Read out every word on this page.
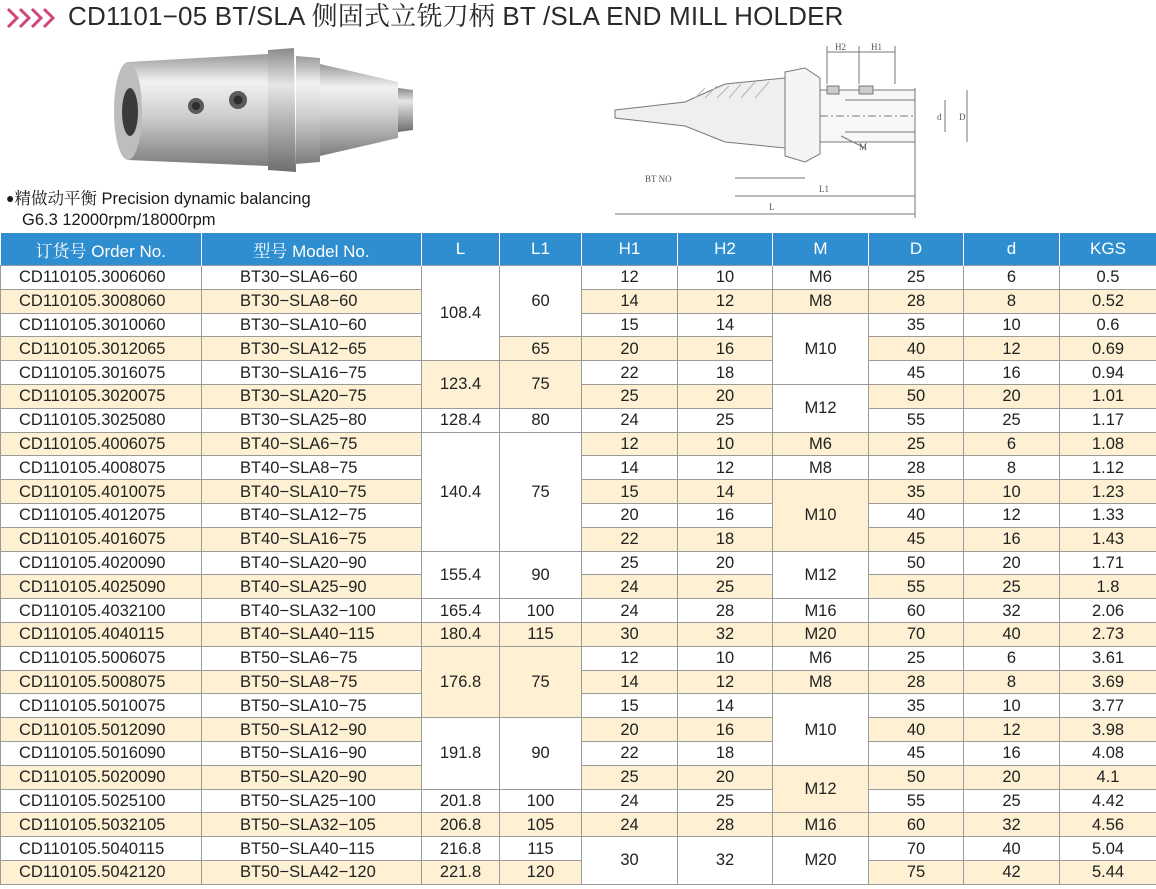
CD1101−05 BT/SLA 侧固式立铣刀柄 BT /SLA END MILL HOLDER
●精做动平衡 Precision dynamic balancing
G6.3 12000rpm/18000rpm
H2	H1
M
BT NO
L1
L
d D
订货号 Order No.	型号 Model No.	L	L1	H1	H2	M	D	d	KGS
CD110105.3006060	BT30−SLA6−60	108.4	60	12	10	M6	25	6	0.5
CD110105.3008060	BT30−SLA8−60			14	12	M8	28	8	0.52
CD110105.3010060	BT30−SLA10−60			15	14	M10	35	10	0.6
CD110105.3012065	BT30−SLA12−65		65	20	16		40	12	0.69
CD110105.3016075	BT30−SLA16−75	123.4	75	22	18		45	16	0.94
CD110105.3020075	BT30−SLA20−75			25	20	M12	50	20	1.01
CD110105.3025080	BT30−SLA25−80	128.4	80	24	25		55	25	1.17
CD110105.4006075	BT40−SLA6−75	140.4	75	12	10	M6	25	6	1.08
CD110105.4008075	BT40−SLA8−75			14	12	M8	28	8	1.12
CD110105.4010075	BT40−SLA10−75			15	14	M10	35	10	1.23
CD110105.4012075	BT40−SLA12−75			20	16		40	12	1.33
CD110105.4016075	BT40−SLA16−75			22	18		45	16	1.43
CD110105.4020090	BT40−SLA20−90	155.4	90	25	20	M12	50	20	1.71
CD110105.4025090	BT40−SLA25−90			24	25		55	25	1.8
CD110105.4032100	BT40−SLA32−100	165.4	100	24	28	M16	60	32	2.06
CD110105.4040115	BT40−SLA40−115	180.4	115	30	32	M20	70	40	2.73
CD110105.5006075	BT50−SLA6−75	176.8	75	12	10	M6	25	6	3.61
CD110105.5008075	BT50−SLA8−75			14	12	M8	28	8	3.69
CD110105.5010075	BT50−SLA10−75			15	14	M10	35	10	3.77
CD110105.5012090	BT50−SLA12−90	191.8	90	20	16		40	12	3.98
CD110105.5016090	BT50−SLA16−90			22	18		45	16	4.08
CD110105.5020090	BT50−SLA20−90			25	20	M12	50	20	4.1
CD110105.5025100	BT50−SLA25−100	201.8	100	24	25		55	25	4.42
CD110105.5032105	BT50−SLA32−105	206.8	105	24	28	M16	60	32	4.56
CD110105.5040115	BT50−SLA40−115	216.8	115	30	32	M20	70	40	5.04
CD110105.5042120	BT50−SLA42−120	221.8	120				75	42	5.44
